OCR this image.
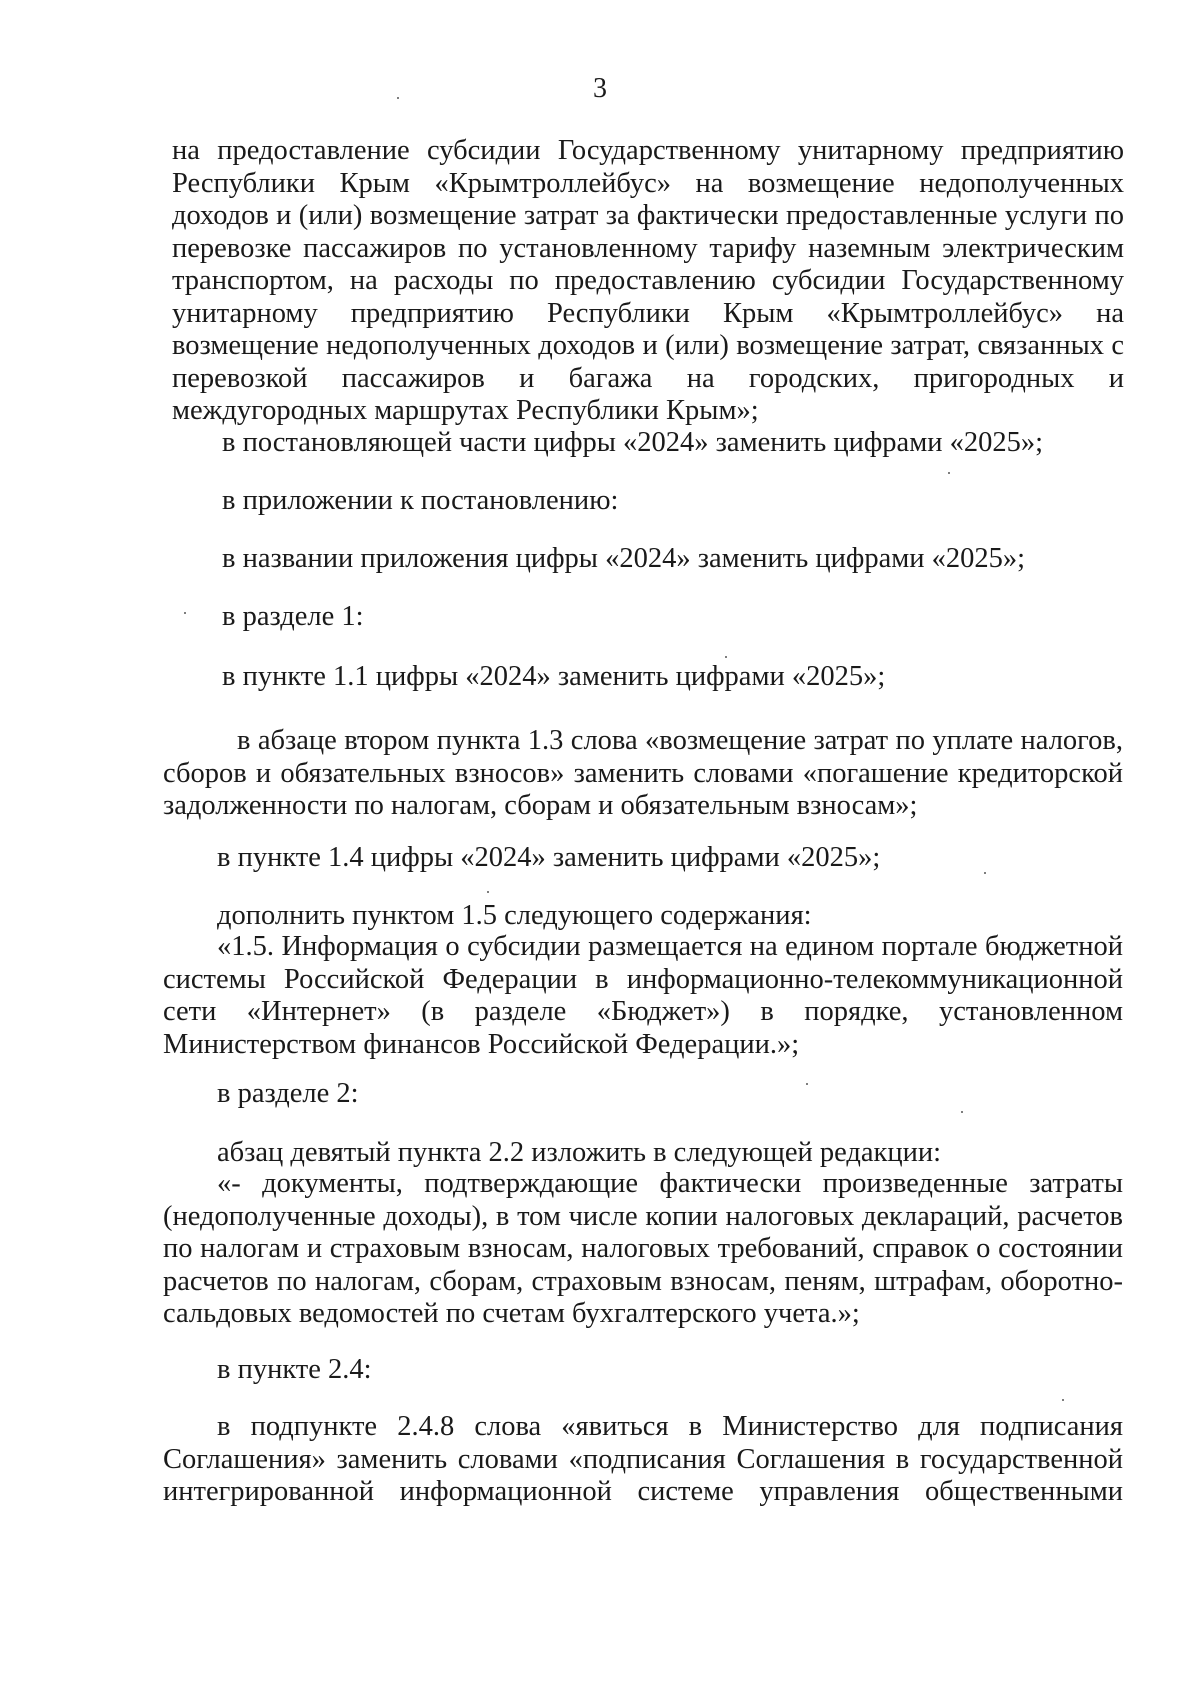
3

на предоставление субсидии Государственному унитарному предприятию Республики Крым «Крымтроллейбус» на возмещение недополученных доходов и (или) возмещение затрат за фактически предоставленные услуги по перевозке пассажиров по установленному тарифу наземным электрическим транспортом, на расходы по предоставлению субсидии Государственному унитарному предприятию Республики Крым «Крымтроллейбус» на возмещение недополученных доходов и (или) возмещение затрат, связанных с перевозкой пассажиров и багажа на городских, пригородных и междугородных маршрутах Республики Крым»;

в постановляющей части цифры «2024» заменить цифрами «2025»;
в приложении к постановлению:
в названии приложения цифры «2024» заменить цифрами «2025»;
в разделе 1:
в пункте 1.1 цифры «2024» заменить цифрами «2025»;

в абзаце втором пункта 1.3 слова «возмещение затрат по уплате налогов, сборов и обязательных взносов» заменить словами «погашение кредиторской задолженности по налогам, сборам и обязательным взносам»;

в пункте 1.4 цифры «2024» заменить цифрами «2025»;
дополнить пунктом 1.5 следующего содержания:

«1.5. Информация о субсидии размещается на едином портале бюджетной системы Российской Федерации в информационно-телекоммуникационной сети «Интернет» (в разделе «Бюджет») в порядке, установленном Министерством финансов Российской Федерации.»;

в разделе 2:
абзац девятый пункта 2.2 изложить в следующей редакции:

«- документы, подтверждающие фактически произведенные затраты (недополученные доходы), в том числе копии налоговых деклараций, расчетов по налогам и страховым взносам, налоговых требований, справок о состоянии расчетов по налогам, сборам, страховым взносам, пеням, штрафам, оборотно-сальдовых ведомостей по счетам бухгалтерского учета.»;

в пункте 2.4:

в подпункте 2.4.8 слова «явиться в Министерство для подписания Соглашения» заменить словами «подписания Соглашения в государственной интегрированной информационной системе управления общественными
